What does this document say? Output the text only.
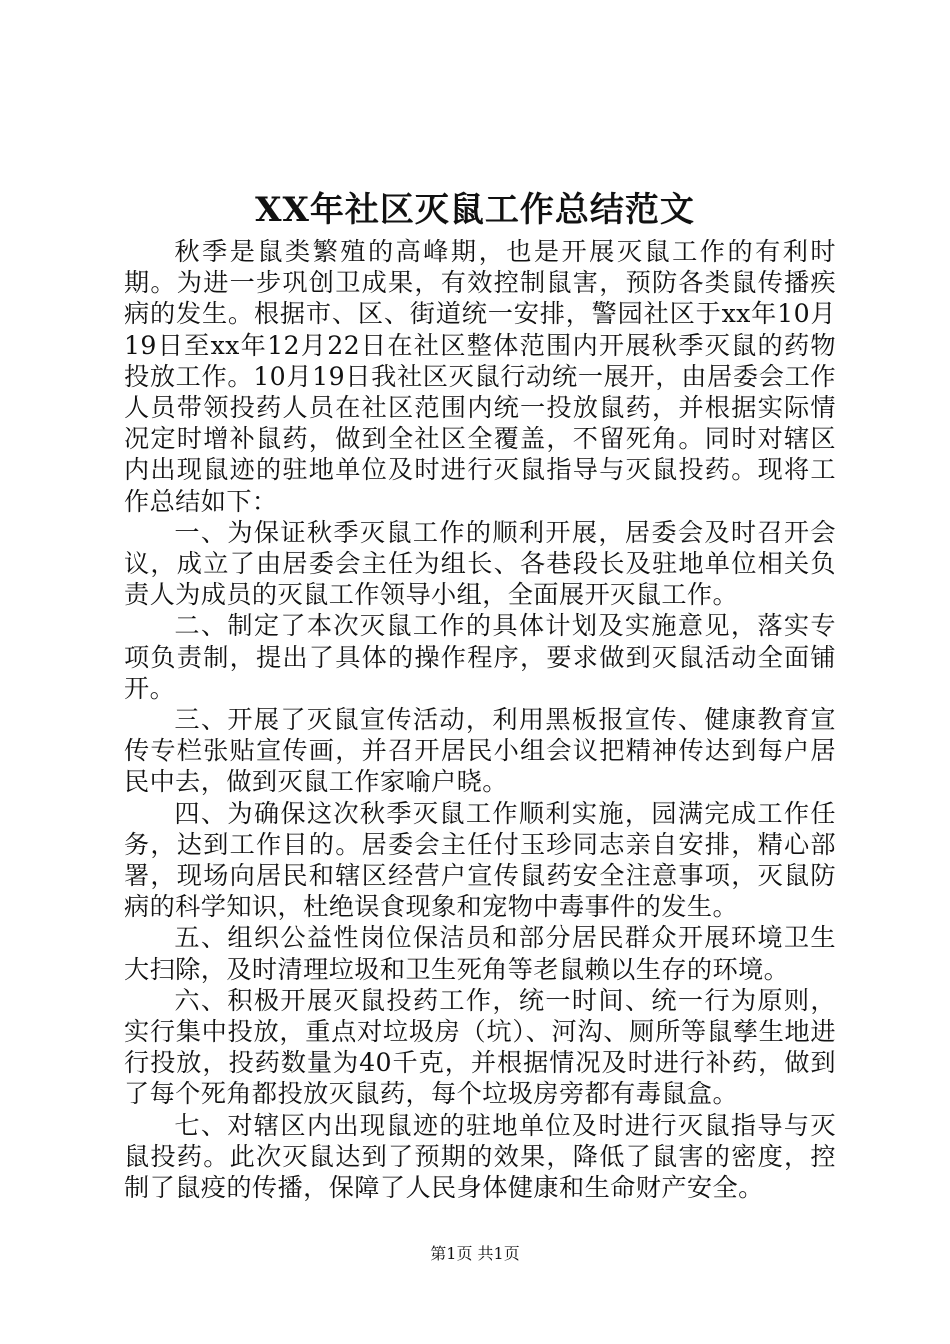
XX年社区灭鼠工作总结范文

秋季是鼠类繁殖的高峰期，也是开展灭鼠工作的有利时期。为进一步巩创卫成果，有效控制鼠害，预防各类鼠传播疾病的发生。根据市、区、街道统一安排，警园社区于xx年10月19日至xx年12月22日在社区整体范围内开展秋季灭鼠的药物投放工作。10月19日我社区灭鼠行动统一展开，由居委会工作人员带领投药人员在社区范围内统一投放鼠药，并根据实际情况定时增补鼠药，做到全社区全覆盖，不留死角。同时对辖区内出现鼠迹的驻地单位及时进行灭鼠指导与灭鼠投药。现将工作总结如下：

一、为保证秋季灭鼠工作的顺利开展，居委会及时召开会议，成立了由居委会主任为组长、各巷段长及驻地单位相关负责人为成员的灭鼠工作领导小组，全面展开灭鼠工作。

二、制定了本次灭鼠工作的具体计划及实施意见，落实专项负责制，提出了具体的操作程序，要求做到灭鼠活动全面铺开。

三、开展了灭鼠宣传活动，利用黑板报宣传、健康教育宣传专栏张贴宣传画，并召开居民小组会议把精神传达到每户居民中去，做到灭鼠工作家喻户晓。

四、为确保这次秋季灭鼠工作顺利实施，园满完成工作任务，达到工作目的。居委会主任付玉珍同志亲自安排，精心部署，现场向居民和辖区经营户宣传鼠药安全注意事项，灭鼠防病的科学知识，杜绝误食现象和宠物中毒事件的发生。

五、组织公益性岗位保洁员和部分居民群众开展环境卫生大扫除，及时清理垃圾和卫生死角等老鼠赖以生存的环境。

六、积极开展灭鼠投药工作，统一时间、统一行为原则，实行集中投放，重点对垃圾房（坑）、河沟、厕所等鼠孳生地进行投放，投药数量为40千克，并根据情况及时进行补药，做到了每个死角都投放灭鼠药，每个垃圾房旁都有毒鼠盒。

七、对辖区内出现鼠迹的驻地单位及时进行灭鼠指导与灭鼠投药。此次灭鼠达到了预期的效果，降低了鼠害的密度，控制了鼠疫的传播，保障了人民身体健康和生命财产安全。

第1页 共1页
